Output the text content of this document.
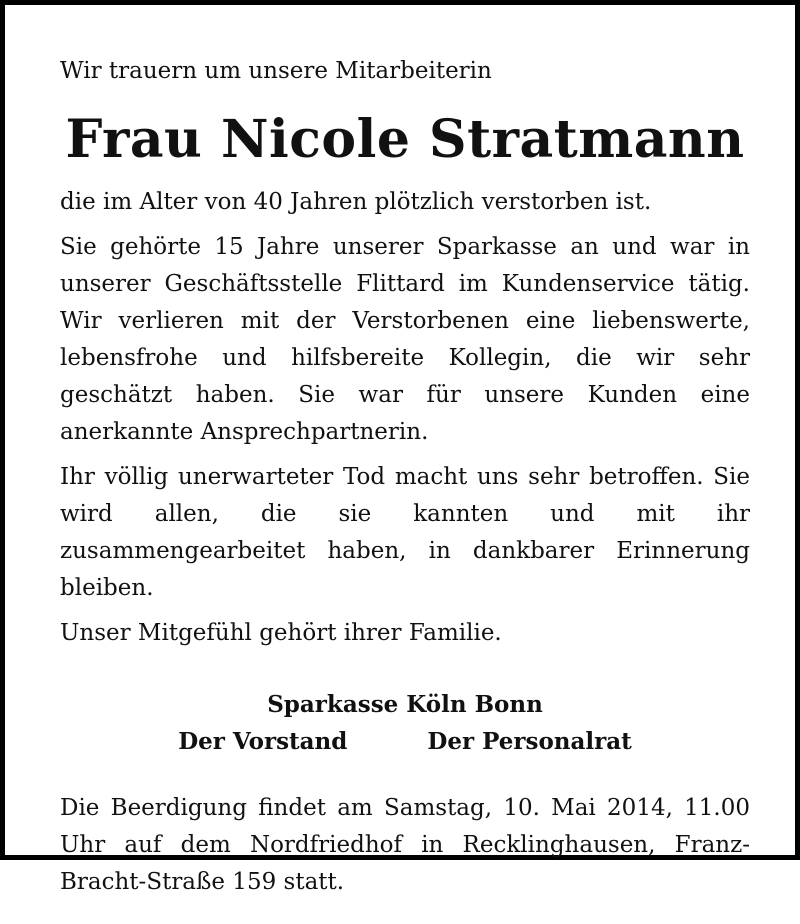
Wir trauern um unsere Mitarbeiterin

Frau Nicole Stratmann

die im Alter von 40 Jahren plötzlich verstorben ist.

Sie gehörte 15 Jahre unserer Sparkasse an und war in unserer Geschäftsstelle Flittard im Kundenservice tätig. Wir verlieren mit der Verstorbenen eine liebenswerte, lebensfrohe und hilfsbereite Kollegin, die wir sehr geschätzt haben. Sie war für unsere Kunden eine anerkannte Ansprechpartnerin.

Ihr völlig unerwarteter Tod macht uns sehr betroffen. Sie wird allen, die sie kannten und mit ihr zusammengearbeitet haben, in dankbarer Erinnerung bleiben.

Unser Mitgefühl gehört ihrer Familie.

Sparkasse Köln Bonn
Der Vorstand	Der Personalrat

Die Beerdigung findet am Samstag, 10. Mai 2014, 11.00 Uhr auf dem Nordfriedhof in Recklinghausen, Franz-Bracht-Straße 159 statt.
